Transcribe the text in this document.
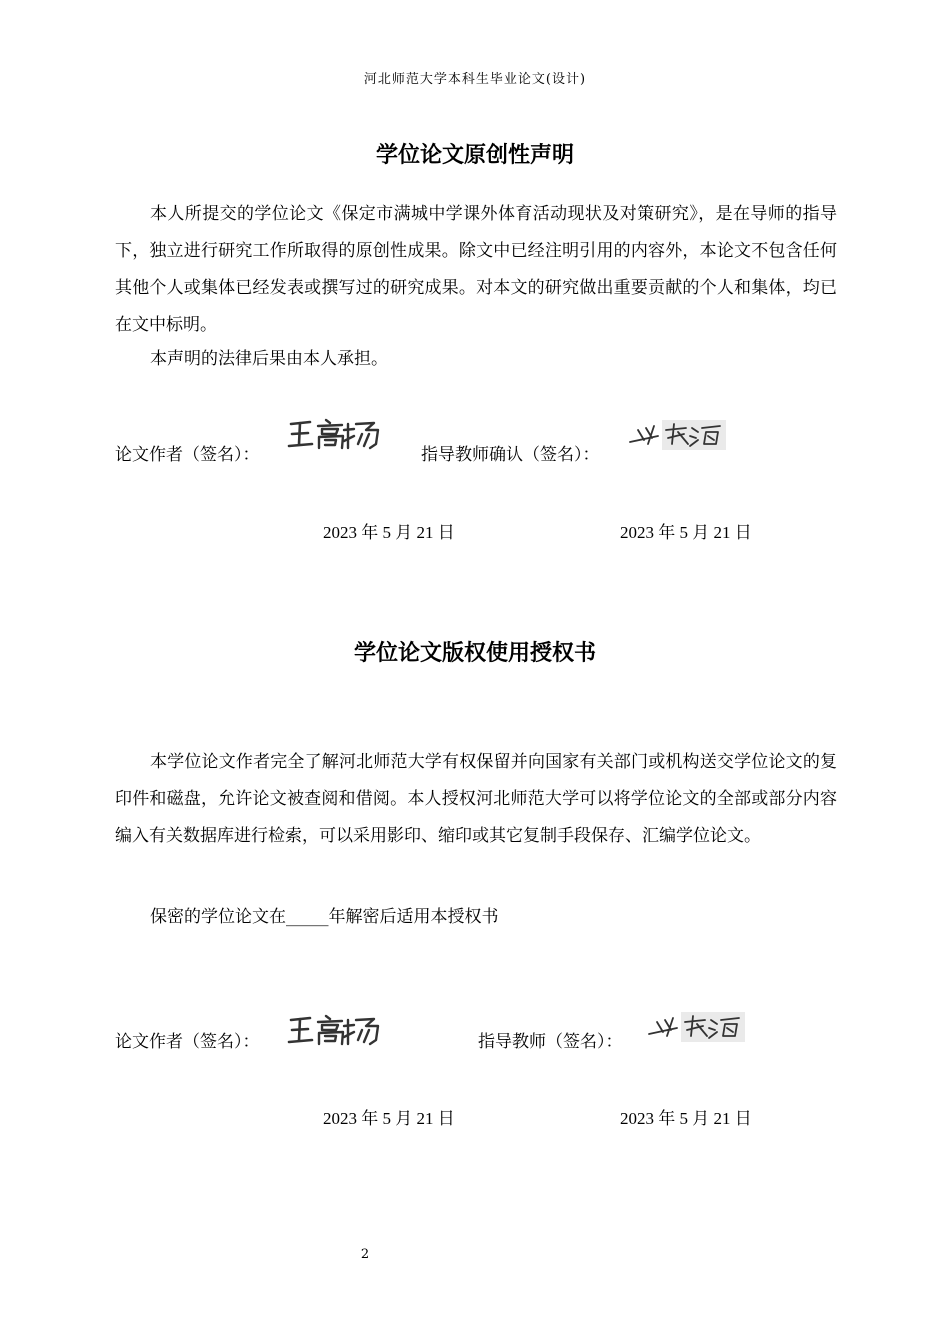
河北师范大学本科生毕业论文(设计)
学位论文原创性声明
本人所提交的学位论文《保定市满城中学课外体育活动现状及对策研究》，是在导师的指导下，独立进行研究工作所取得的原创性成果。除文中已经注明引用的内容外，本论文不包含任何其他个人或集体已经发表或撰写过的研究成果。对本文的研究做出重要贡献的个人和集体，均已在文中标明。
本声明的法律后果由本人承担。
论文作者（签名）：	指导教师确认（签名）：
2023 年 5 月 21 日	2023 年 5 月 21 日
学位论文版权使用授权书
本学位论文作者完全了解河北师范大学有权保留并向国家有关部门或机构送交学位论文的复印件和磁盘，允许论文被查阅和借阅。本人授权河北师范大学可以将学位论文的全部或部分内容编入有关数据库进行检索，可以采用影印、缩印或其它复制手段保存、汇编学位论文。
保密的学位论文在_____年解密后适用本授权书
论文作者（签名）：	指导教师（签名）：
2023 年 5 月 21 日	2023 年 5 月 21 日
2
